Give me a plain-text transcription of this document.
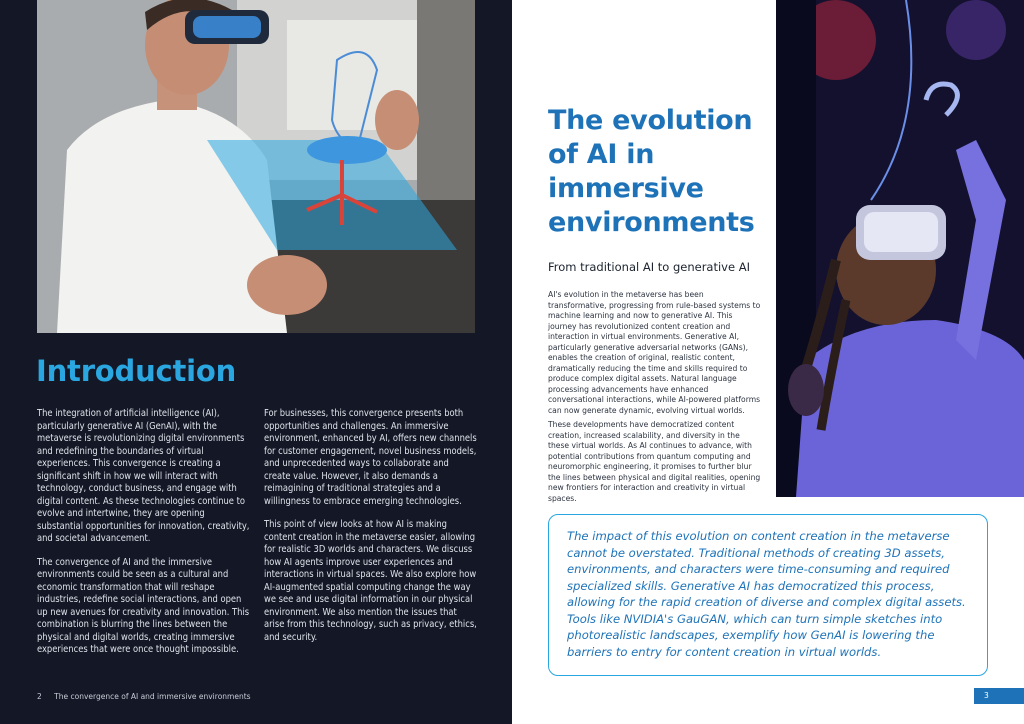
Introduction

The integration of artificial intelligence (AI), particularly generative AI (GenAI), with the metaverse is revolutionizing digital environments and redefining the boundaries of virtual experiences. This convergence is creating a significant shift in how we will interact with technology, conduct business, and engage with digital content. As these technologies continue to evolve and intertwine, they are opening substantial opportunities for innovation, creativity, and societal advancement.

The convergence of AI and the immersive environments could be seen as a cultural and economic transformation that will reshape industries, redefine social interactions, and open up new avenues for creativity and innovation. This combination is blurring the lines between the physical and digital worlds, creating immersive experiences that were once thought impossible.

For businesses, this convergence presents both opportunities and challenges. An immersive environment, enhanced by AI, offers new channels for customer engagement, novel business models, and unprecedented ways to collaborate and create value. However, it also demands a reimagining of traditional strategies and a willingness to embrace emerging technologies.

This point of view looks at how AI is making content creation in the metaverse easier, allowing for realistic 3D worlds and characters. We discuss how AI agents improve user experiences and interactions in virtual spaces. We also explore how AI-augmented spatial computing change the way we see and use digital information in our physical environment. We also mention the issues that arise from this technology, such as privacy, ethics, and security.

2 The convergence of AI and immersive environments
The evolution of AI in immersive environments
From traditional AI to generative AI

AI's evolution in the metaverse has been transformative, progressing from rule-based systems to machine learning and now to generative AI. This journey has revolutionized content creation and interaction in virtual environments. Generative AI, particularly generative adversarial networks (GANs), enables the creation of original, realistic content, dramatically reducing the time and skills required to produce complex digital assets. Natural language processing advancements have enhanced conversational interactions, while AI-powered platforms can now generate dynamic, evolving virtual worlds.

These developments have democratized content creation, increased scalability, and diversity in the these virtual worlds. As AI continues to advance, with potential contributions from quantum computing and neuromorphic engineering, it promises to further blur the lines between physical and digital realities, opening new frontiers for interaction and creativity in virtual spaces.

The impact of this evolution on content creation in the metaverse cannot be overstated. Traditional methods of creating 3D assets, environments, and characters were time-consuming and required specialized skills. Generative AI has democratized this process, allowing for the rapid creation of diverse and complex digital assets. Tools like NVIDIA's GauGAN, which can turn simple sketches into photorealistic landscapes, exemplify how GenAI is lowering the barriers to entry for content creation in virtual worlds.

3
